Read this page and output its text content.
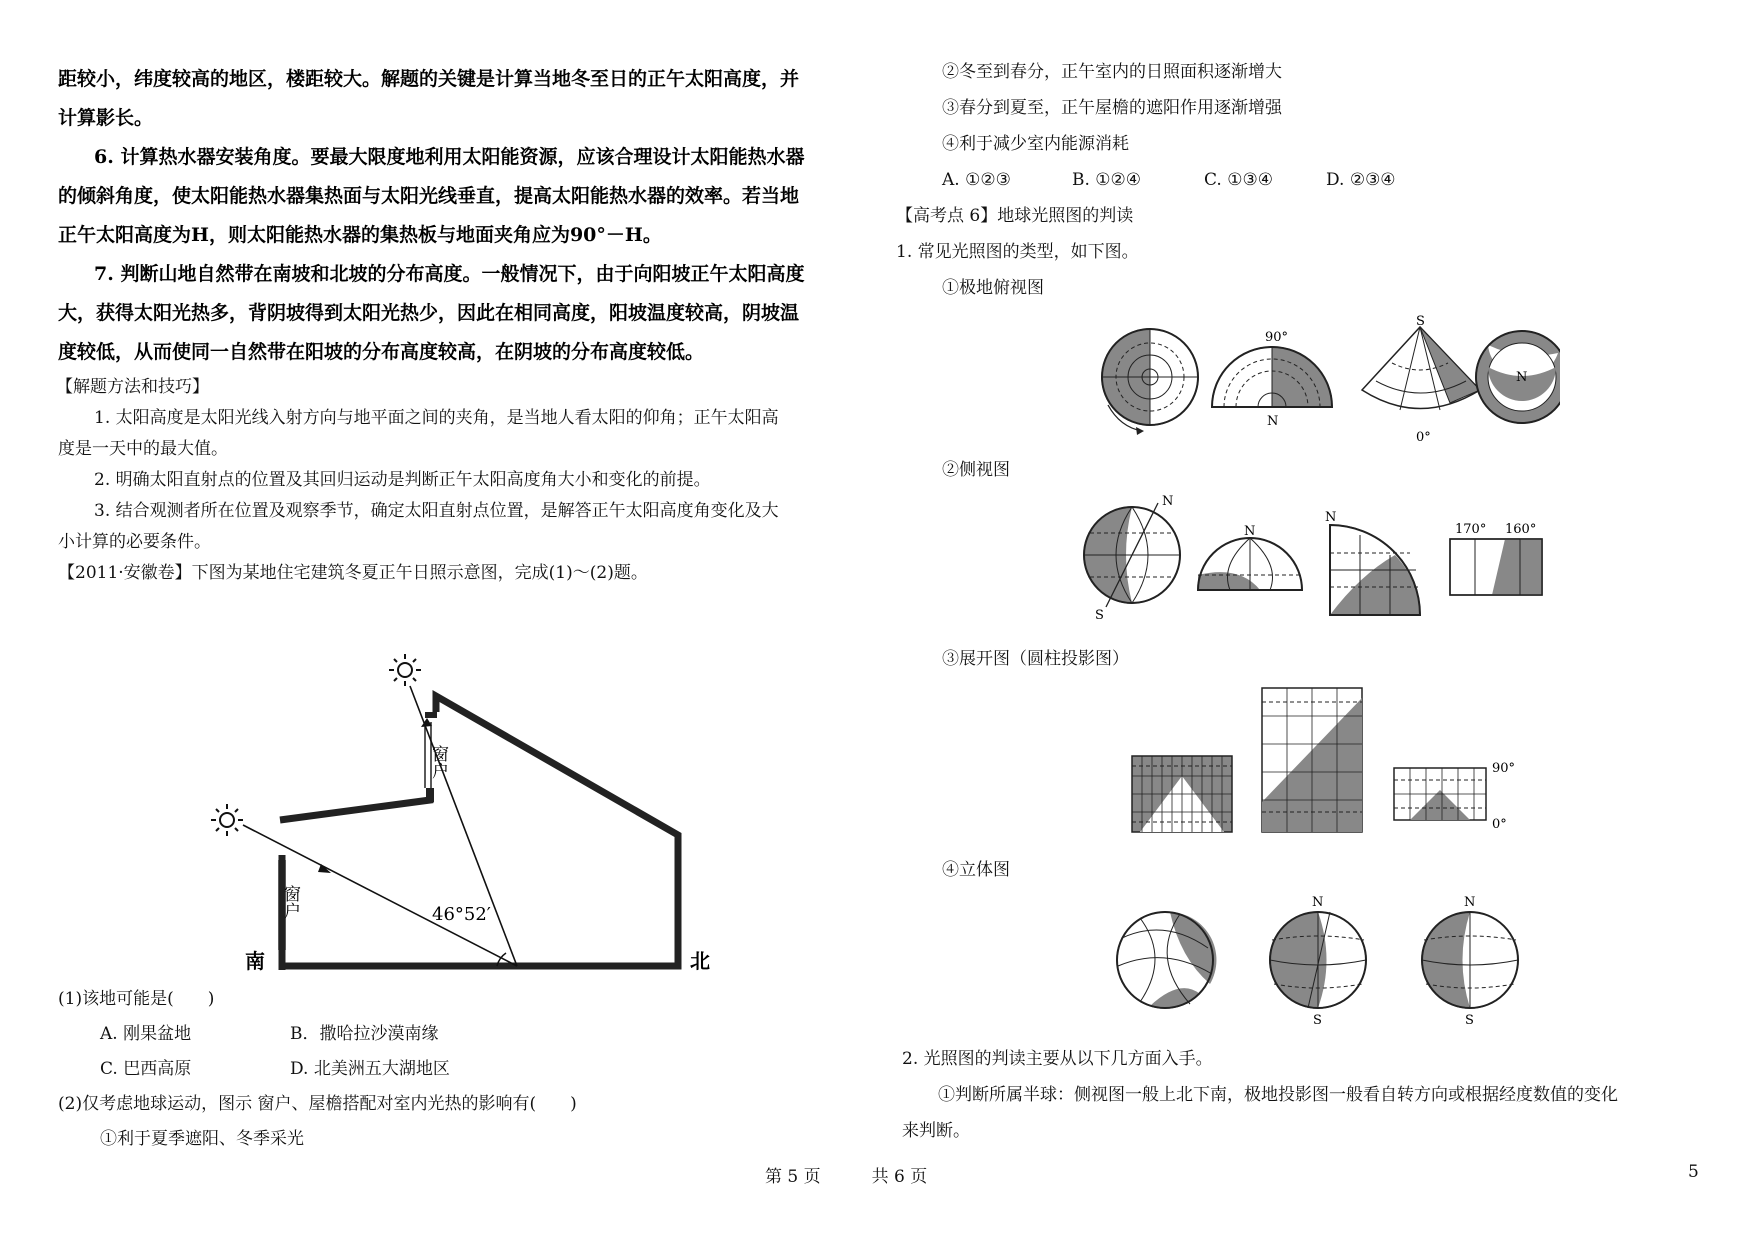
距较小，纬度较高的地区，楼距较大。解题的关键是计算当地冬至日的正午太阳高度，并

计算影长。

6. 计算热水器安装角度。要最大限度地利用太阳能资源，应该合理设计太阳能热水器

的倾斜角度，使太阳能热水器集热面与太阳光线垂直，提高太阳能热水器的效率。若当地

正午太阳高度为H，则太阳能热水器的集热板与地面夹角应为90°－H。

7. 判断山地自然带在南坡和北坡的分布高度。一般情况下，由于向阳坡正午太阳高度

大，获得太阳光热多，背阴坡得到太阳光热少，因此在相同高度，阳坡温度较高，阴坡温

度较低，从而使同一自然带在阳坡的分布高度较高，在阴坡的分布高度较低。

【解题方法和技巧】

1. 太阳高度是太阳光线入射方向与地平面之间的夹角，是当地人看太阳的仰角；正午太阳高

度是一天中的最大值。

2. 明确太阳直射点的位置及其回归运动是判断正午太阳高度角大小和变化的前提。

3. 结合观测者所在位置及观察季节，确定太阳直射点位置，是解答正午太阳高度角变化及大

小计算的必要条件。

【2011·安徽卷】下图为某地住宅建筑冬夏正午日照示意图，完成(1)～(2)题。

窗户
窗户	46°52′
南	北

(1)该地可能是(　　)

A. 刚果盆地	B．撒哈拉沙漠南缘
C. 巴西高原	D. 北美洲五大湖地区

(2)仅考虑地球运动，图示 窗户、屋檐搭配对室内光热的影响有(　　)

①利于夏季遮阳、冬季采光

②冬至到春分，正午室内的日照面积逐渐增大

③春分到夏至，正午屋檐的遮阳作用逐渐增强

④利于减少室内能源消耗

A. ①②③	B. ①②④	C. ①③④	D. ②③④

【高考点 6】地球光照图的判读

1. 常见光照图的类型，如下图。

①极地俯视图

90°
N
S
0°
N

②侧视图

N
S
N
N
170° 160°

③展开图（圆柱投影图）

90°
0°

④立体图

N
S
N
S

2. 光照图的判读主要从以下几方面入手。

①判断所属半球：侧视图一般上北下南，极地投影图一般看自转方向或根据经度数值的变化

来判断。

第 5 页　　　共 6 页	5
